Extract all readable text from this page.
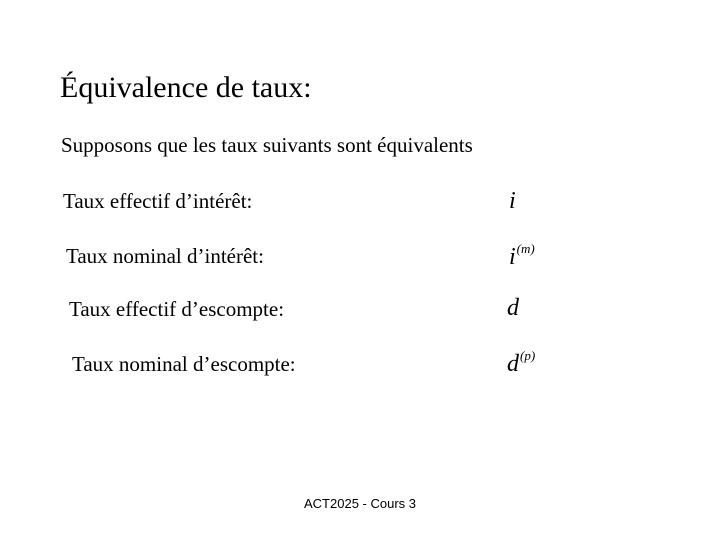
Équivalence de taux:
Supposons que les taux suivants sont équivalents
Taux effectif d’intérêt:	i
Taux nominal d’intérêt:	$i^{(m)}$
Taux effectif d’escompte:	d
Taux nominal d’escompte:	$d^{(p)}$
ACT2025 - Cours 3
